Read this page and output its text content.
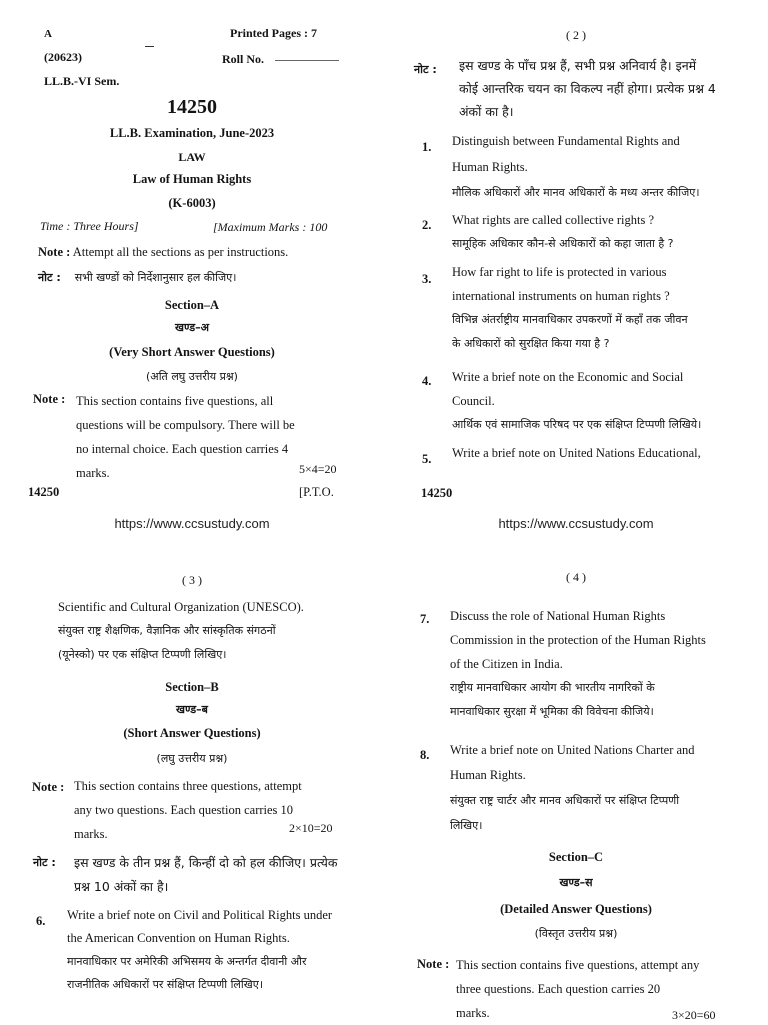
A	Printed Pages : 7
(20623)	Roll No.
LL.B.-VI Sem.
14250
LL.B. Examination, June-2023
LAW
Law of Human Rights
(K-6003)
Time : Three Hours]	[Maximum Marks : 100
Note : Attempt all the sections as per instructions.
नोट : सभी खण्डों को निर्देशानुसार हल कीजिए।
Section–A
खण्ड–अ
(Very Short Answer Questions)
(अति लघु उत्तरीय प्रश्न)
Note : This section contains five questions, all
questions will be compulsory. There will be
no internal choice. Each question carries 4
marks.	5×4=20
14250	[P.T.O.
https://www.ccsustudy.com
( 2 )
नोट : इस खण्ड के पाँच प्रश्न हैं, सभी प्रश्न अनिवार्य है। इनमें
कोई आन्तरिक चयन का विकल्प नहीं होगा। प्रत्येक प्रश्न 4
अंकों का है।
1. Distinguish between Fundamental Rights and
Human Rights.
मौलिक अधिकारों और मानव अधिकारों के मध्य अन्तर कीजिए।
2. What rights are called collective rights ?
सामूहिक अधिकार कौन-से अधिकारों को कहा जाता है ?
3. How far right to life is protected in various
international instruments on human rights ?
विभिन्न अंतर्राष्ट्रीय मानवाधिकार उपकरणों में कहाँ तक जीवन
के अधिकारों को सुरक्षित किया गया है ?
4. Write a brief note on the Economic and Social
Council.
आर्थिक एवं सामाजिक परिषद पर एक संक्षिप्त टिप्पणी लिखिये।
5. Write a brief note on United Nations Educational,
14250
https://www.ccsustudy.com
( 3 )
Scientific and Cultural Organization (UNESCO).
संयुक्त राष्ट्र शैक्षणिक, वैज्ञानिक और सांस्कृतिक संगठनों
(यूनेस्को) पर एक संक्षिप्त टिप्पणी लिखिए।
Section–B
खण्ड–ब
(Short Answer Questions)
(लघु उत्तरीय प्रश्न)
Note : This section contains three questions, attempt
any two questions. Each question carries 10
marks.	2×10=20
नोट : इस खण्ड के तीन प्रश्न हैं, किन्हीं दो को हल कीजिए। प्रत्येक
प्रश्न 10 अंकों का है।
6. Write a brief note on Civil and Political Rights under
the American Convention on Human Rights.
मानवाधिकार पर अमेरिकी अभिसमय के अन्तर्गत दीवानी और
राजनीतिक अधिकारों पर संक्षिप्त टिप्पणी लिखिए।
( 4 )
7. Discuss the role of National Human Rights
Commission in the protection of the Human Rights
of the Citizen in India.
राष्ट्रीय मानवाधिकार आयोग की भारतीय नागरिकों के
मानवाधिकार सुरक्षा में भूमिका की विवेचना कीजिये।
8. Write a brief note on United Nations Charter and
Human Rights.
संयुक्त राष्ट्र चार्टर और मानव अधिकारों पर संक्षिप्त टिप्पणी
लिखिए।
Section–C
खण्ड–स
(Detailed Answer Questions)
(विस्तृत उत्तरीय प्रश्न)
Note : This section contains five questions, attempt any
three questions. Each question carries 20
marks.	3×20=60
